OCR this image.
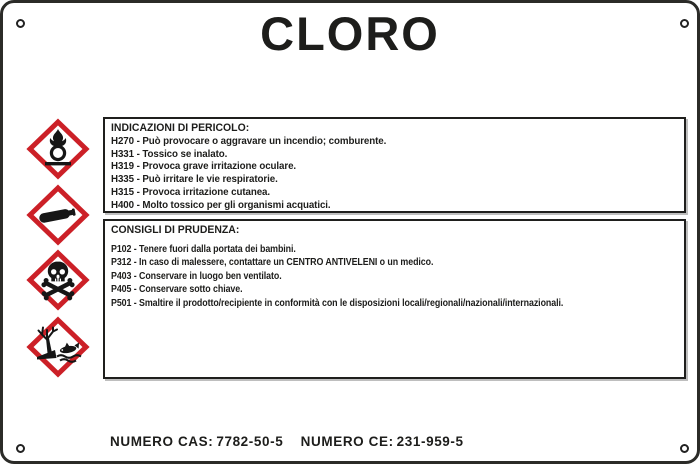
CLORO
INDICAZIONI DI PERICOLO:
H270 - Può provocare o aggravare un incendio; comburente.
H331 - Tossico se inalato.
H319 - Provoca grave irritazione oculare.
H335 - Può irritare le vie respiratorie.
H315 - Provoca irritazione cutanea.
H400 - Molto tossico per gli organismi acquatici.
CONSIGLI DI PRUDENZA:
P102 - Tenere fuori dalla portata dei bambini.
P312 - In caso di malessere, contattare un CENTRO ANTIVELENI o un medico.
P403 - Conservare in luogo ben ventilato.
P405 - Conservare sotto chiave.
P501 - Smaltire il prodotto/recipiente in conformità con le disposizioni locali/regionali/nazionali/internazionali.
NUMERO CAS: 7782-50-5 NUMERO CE: 231-959-5
